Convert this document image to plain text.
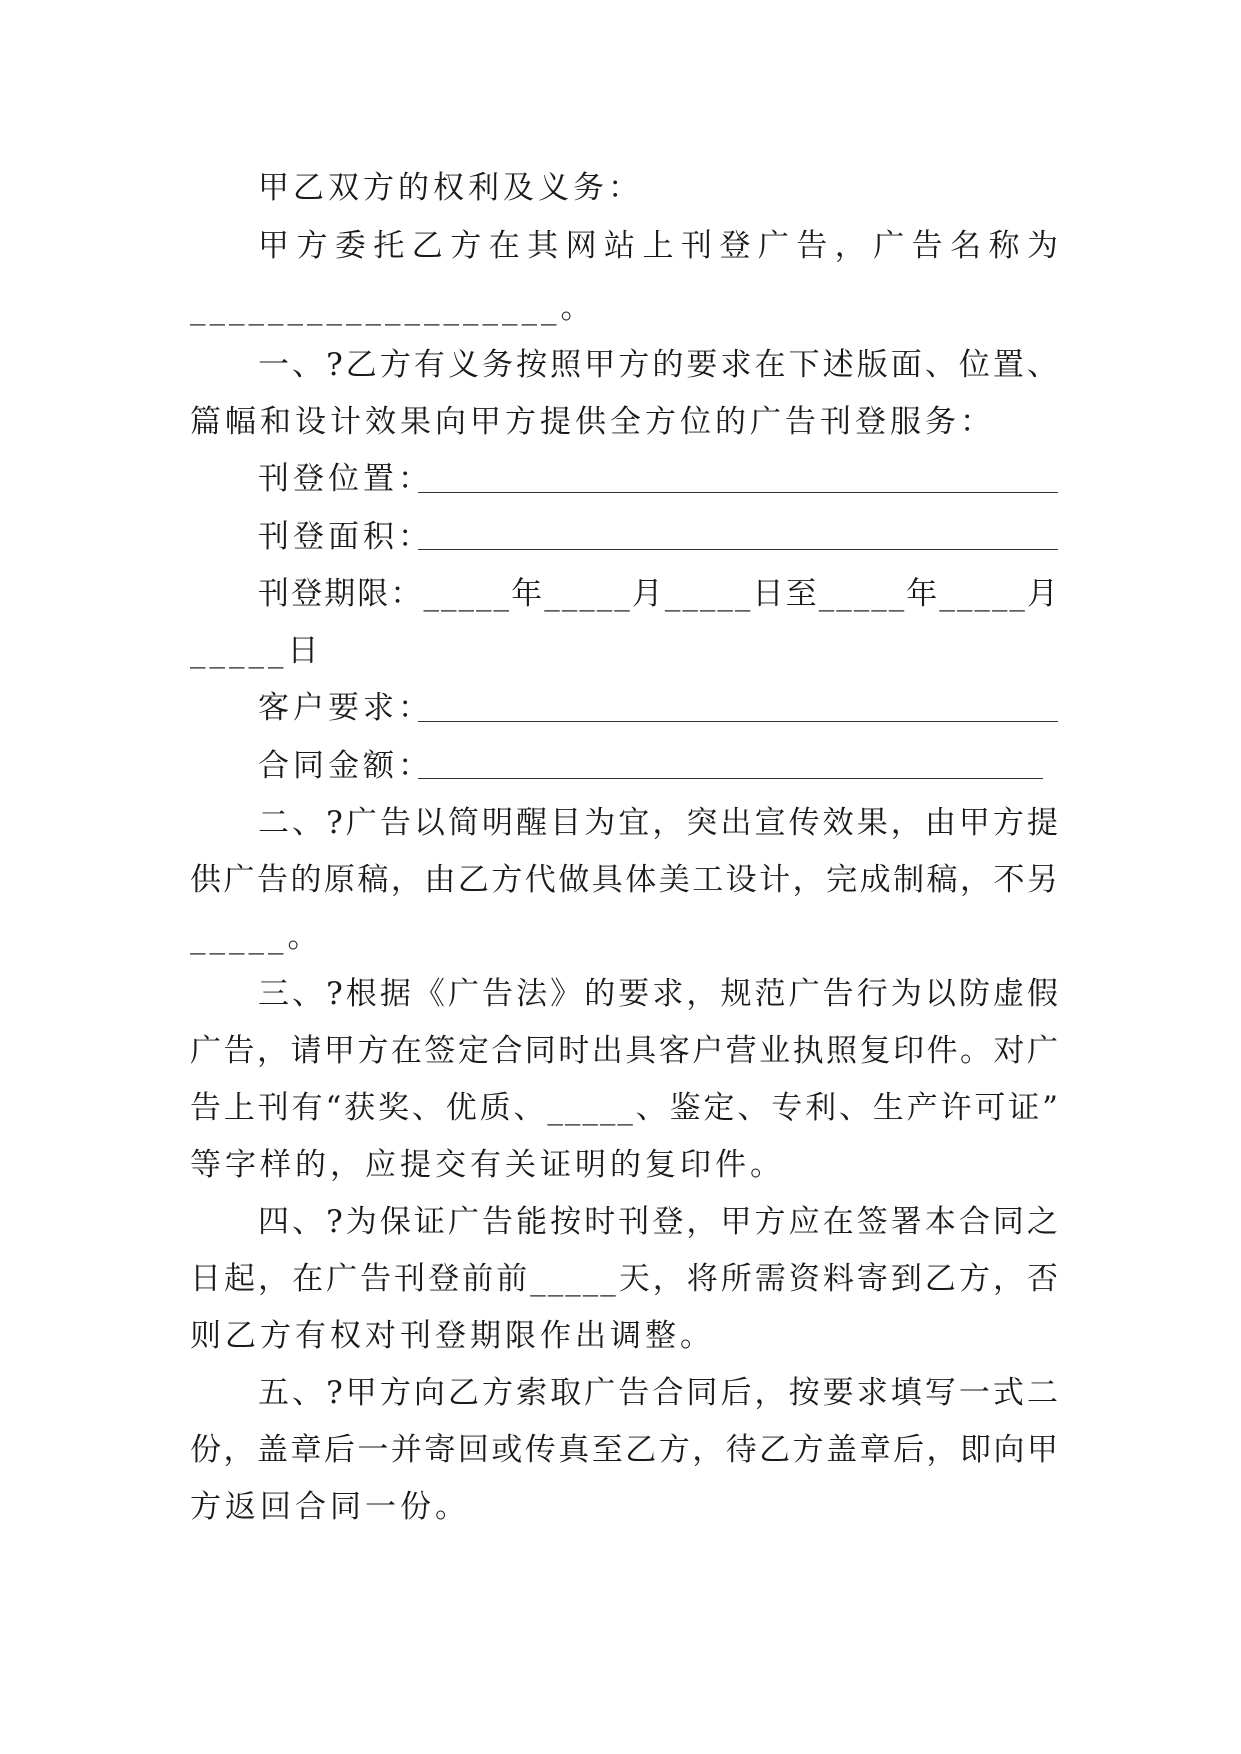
甲乙双方的权利及义务：
甲方委托乙方在其网站上刊登广告，广告名称为
___________________。
一、?乙方有义务按照甲方的要求在下述版面、位置、
篇幅和设计效果向甲方提供全方位的广告刊登服务：
刊登位置：
刊登面积：
刊登期限：_____年_____月_____日至_____年_____月
_____日
客户要求：
合同金额：
二、?广告以简明醒目为宜，突出宣传效果，由甲方提
供广告的原稿，由乙方代做具体美工设计，完成制稿，不另
_____。
三、?根据《广告法》的要求，规范广告行为以防虚假
广告，请甲方在签定合同时出具客户营业执照复印件。对广
告上刊有“获奖、优质、_____、鉴定、专利、生产许可证”
等字样的，应提交有关证明的复印件。
四、?为保证广告能按时刊登，甲方应在签署本合同之
日起，在广告刊登前前_____天，将所需资料寄到乙方，否
则乙方有权对刊登期限作出调整。
五、?甲方向乙方索取广告合同后，按要求填写一式二
份，盖章后一并寄回或传真至乙方，待乙方盖章后，即向甲
方返回合同一份。
